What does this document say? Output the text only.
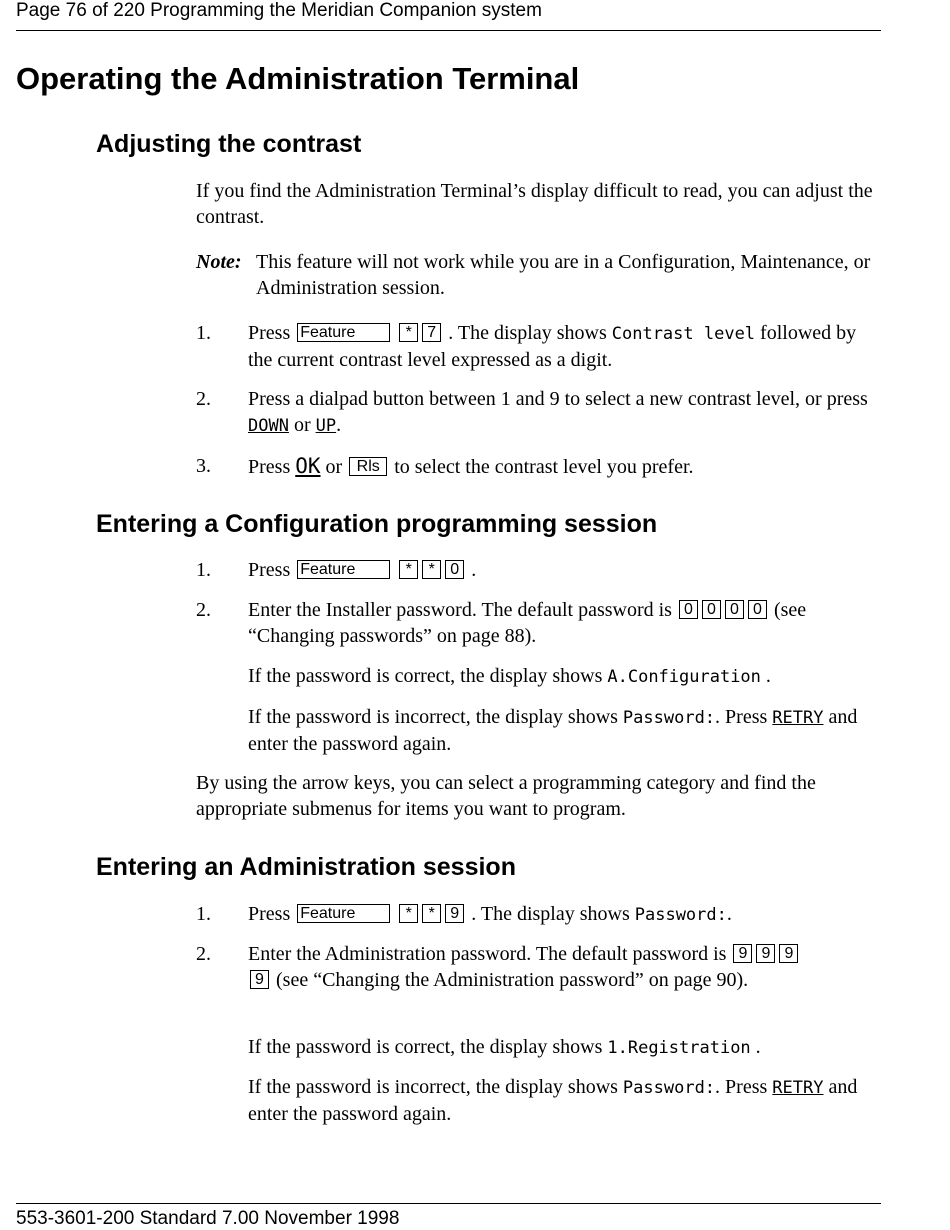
Page 76 of 220 Programming the Meridian Companion system
Operating the Administration Terminal
Adjusting the contrast
If you find the Administration Terminal’s display difficult to read, you can adjust the contrast.
Note: This feature will not work while you are in a Configuration, Maintenance, or Administration session.
1. Press Feature	* 7 . The display shows Contrast level followed by the current contrast level expressed as a digit.
2. Press a dialpad button between 1 and 9 to select a new contrast level, or press DOWN or UP.
3. Press OK or Rls to select the contrast level you prefer.
Entering a Configuration programming session
1. Press Feature	* * 0 .
2. Enter the Installer password. The default password is 0 0 0 0 (see “Changing passwords” on page 88).
If the password is correct, the display shows A.Configuration .
If the password is incorrect, the display shows Password:. Press RETRY and enter the password again.
By using the arrow keys, you can select a programming category and find the appropriate submenus for items you want to program.
Entering an Administration session
1. Press Feature	* * 9 . The display shows Password:.
2. Enter the Administration password. The default password is 9 9 99 (see “Changing the Administration password” on page 90).
If the password is correct, the display shows 1.Registration .
If the password is incorrect, the display shows Password:. Press RETRY and enter the password again.
553-3601-200 Standard 7.00 November 1998
